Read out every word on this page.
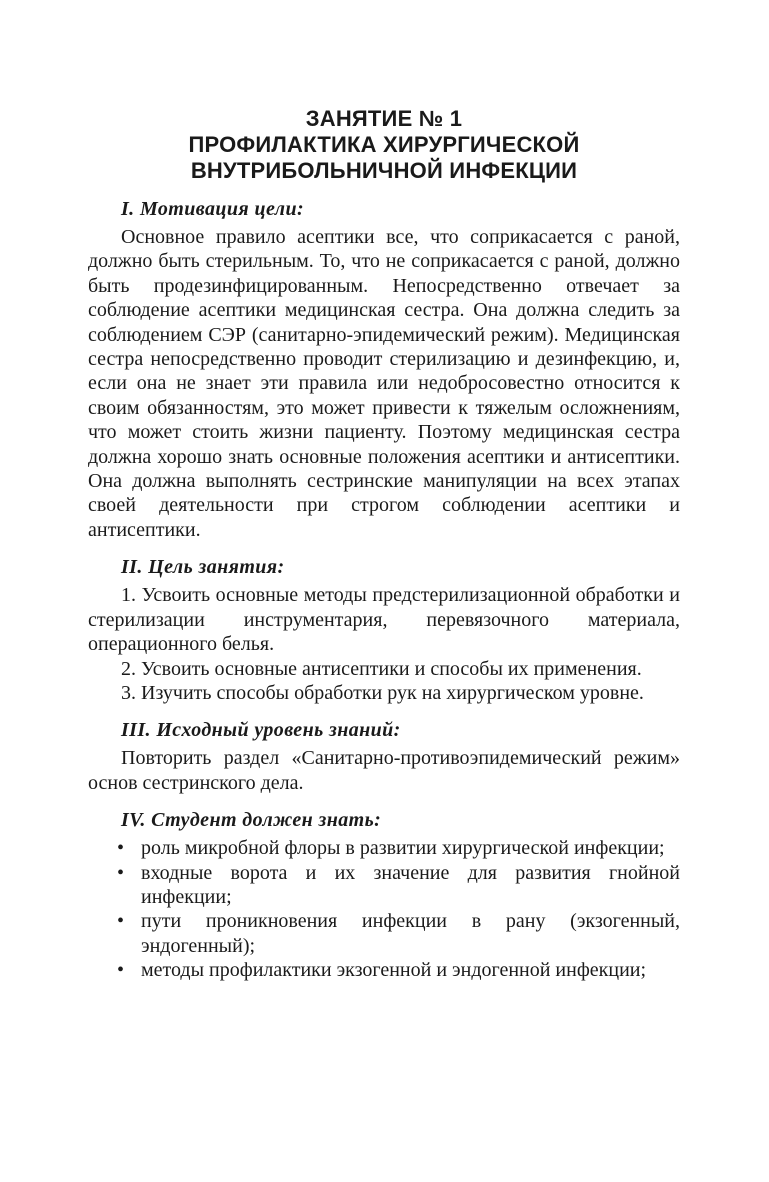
ЗАНЯТИЕ № 1
ПРОФИЛАКТИКА ХИРУРГИЧЕСКОЙ
ВНУТРИБОЛЬНИЧНОЙ ИНФЕКЦИИ
I. Мотивация цели:

Основное правило асептики все, что соприкасается с раной, должно быть стерильным. То, что не соприкасается с раной, должно быть продезинфицированным. Непосредственно отвечает за соблюдение асептики медицинская сестра. Она должна следить за соблюдением СЭР (санитарно-эпидемический режим). Медицинская сестра непосредственно проводит стерилизацию и дезинфекцию, и, если она не знает эти правила или недобросовестно относится к своим обязанностям, это может привести к тяжелым осложнениям, что может стоить жизни пациенту. Поэтому медицинская сестра должна хорошо знать основные положения асептики и антисептики. Она должна выполнять сестринские манипуляции на всех этапах своей деятельности при строгом соблюдении асептики и антисептики.

II. Цель занятия:

1. Усвоить основные методы предстерилизационной обработки и стерилизации инструментария, перевязочного материала, операционного белья.

2. Усвоить основные антисептики и способы их применения.

3. Изучить способы обработки рук на хирургическом уровне.

III. Исходный уровень знаний:

Повторить раздел «Санитарно-противоэпидемический режим» основ сестринского дела.

IV. Студент должен знать:
• роль микробной флоры в развитии хирургической инфекции;
• входные ворота и их значение для развития гнойной инфекции;
• пути проникновения инфекции в рану (экзогенный, эндогенный);
• методы профилактики экзогенной и эндогенной инфекции;
